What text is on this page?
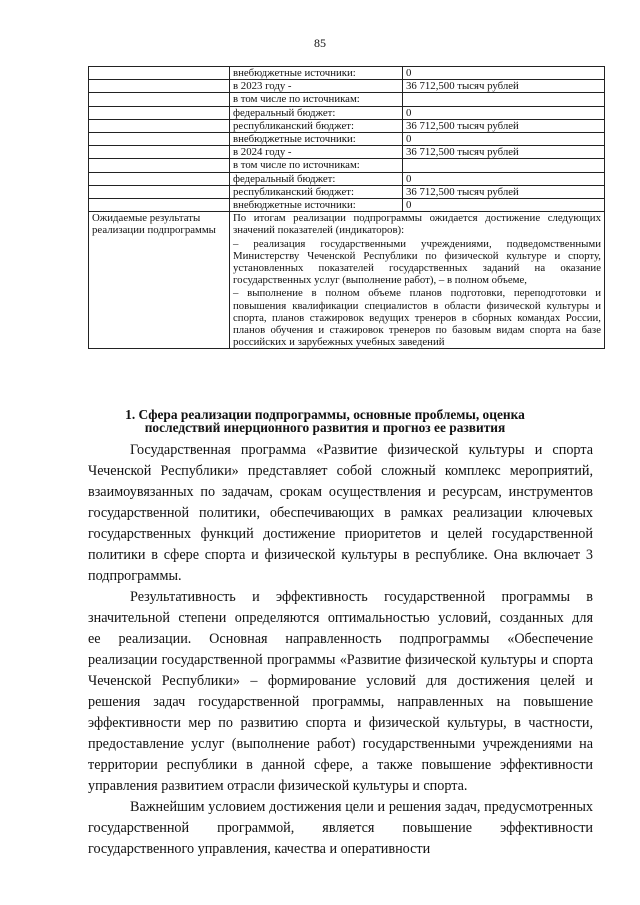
85
	внебюджетные источники:	0
	в 2023 году -	36 712,500 тысяч рублей
	в том числе по источникам:	
	федеральный бюджет:	0
	республиканский бюджет:	36 712,500 тысяч рублей
	внебюджетные источники:	0
	в 2024 году -	36 712,500 тысяч рублей
	в том числе по источникам:	
	федеральный бюджет:	0
	республиканский бюджет:	36 712,500 тысяч рублей
	внебюджетные источники:	0
Ожидаемые результаты реализации подпрограммы	По итогам реализации подпрограммы ожидается достижение следующих значений показателей (индикаторов):

– реализация государственными учреждениями, подведомственными Министерству Чеченской Республики по физической культуре и спорту, установленных показателей государственных заданий на оказание государственных услуг (выполнение работ), – в полном объеме,
– выполнение в полном объеме планов подготовки, переподготовки и повышения квалификации специалистов в области физической культуры и спорта, планов стажировок ведущих тренеров в сборных командах России, планов обучения и стажировок тренеров по базовым видам спорта на базе российских и зарубежных учебных заведений	
1. Сфера реализации подпрограммы, основные проблемы, оценка последствий инерционного развития и прогноз ее развития

Государственная программа «Развитие физической культуры и спорта Чеченской Республики» представляет собой сложный комплекс мероприятий, взаимоувязанных по задачам, срокам осуществления и ресурсам, инструментов государственной политики, обеспечивающих в рамках реализации ключевых государственных функций достижение приоритетов и целей государственной политики в сфере спорта и физической культуры в республике. Она включает 3 подпрограммы.

Результативность и эффективность государственной программы в значительной степени определяются оптимальностью условий, созданных для

ее реализации. Основная направленность подпрограммы «Обеспечение реализации государственной программы «Развитие физической культуры и спорта Чеченской Республики» – формирование условий для достижения целей и решения задач государственной программы, направленных на повышение эффективности мер по развитию спорта и физической культуры, в частности, предоставление услуг (выполнение работ) государственными учреждениями на территории республики в данной сфере, а также повышение эффективности управления развитием отрасли физической культуры и спорта.

Важнейшим условием достижения цели и решения задач, предусмотренных государственной программой, является повышение эффективности государственного управления, качества и оперативности
